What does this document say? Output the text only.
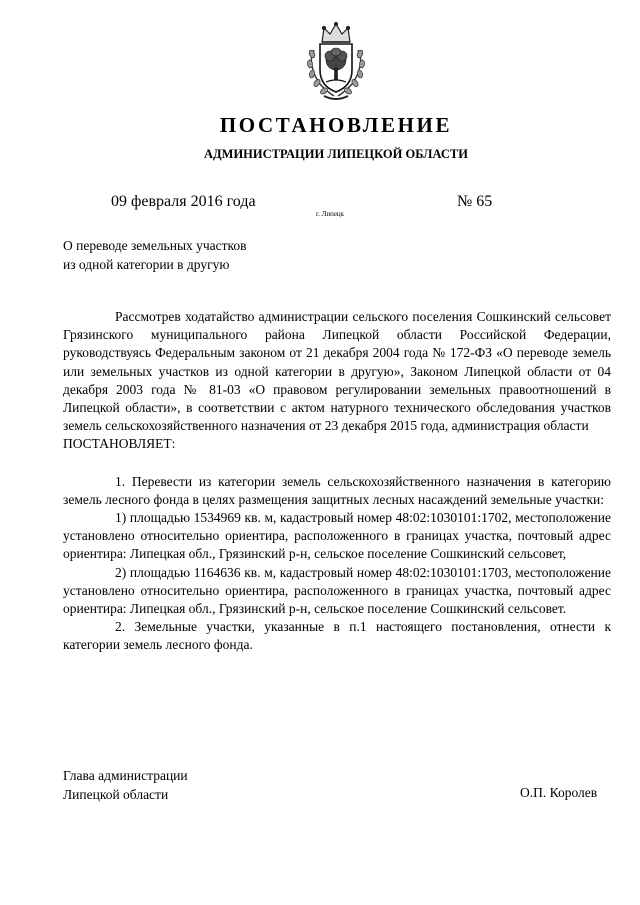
ПОСТАНОВЛЕНИЕ
АДМИНИСТРАЦИИ ЛИПЕЦКОЙ ОБЛАСТИ
09 февраля 2016 года
г. Липецк
№ 65
О переводе земельных участков
из одной категории в другую

Рассмотрев ходатайство администрации сельского поселения Сошкинский сельсовет Грязинского муниципального района Липецкой области Российской Федерации, руководствуясь Федеральным законом от 21 декабря 2004 года № 172-ФЗ «О переводе земель или земельных участков из одной категории в другую», Законом Липецкой области от 04 декабря 2003 года № 81-03 «О правовом регулировании земельных правоотношений в Липецкой области», в соответствии с актом натурного технического обследования участков земель сельскохозяйственного назначения от 23 декабря 2015 года, администрация области

ПОСТАНОВЛЯЕТ:

1. Перевести из категории земель сельскохозяйственного назначения в категорию земель лесного фонда в целях размещения защитных лесных насаждений земельные участки:

1) площадью 1534969 кв. м, кадастровый номер 48:02:1030101:1702, местоположение установлено относительно ориентира, расположенного в границах участка, почтовый адрес ориентира: Липецкая обл., Грязинский р-н, сельское поселение Сошкинский сельсовет,

2) площадью 1164636 кв. м, кадастровый номер 48:02:1030101:1703, местоположение установлено относительно ориентира, расположенного в границах участка, почтовый адрес ориентира: Липецкая обл., Грязинский р-н, сельское поселение Сошкинский сельсовет.

2. Земельные участки, указанные в п.1 настоящего постановления, отнести к категории земель лесного фонда.

Глава администрации
Липецкой области	О.П. Королев
